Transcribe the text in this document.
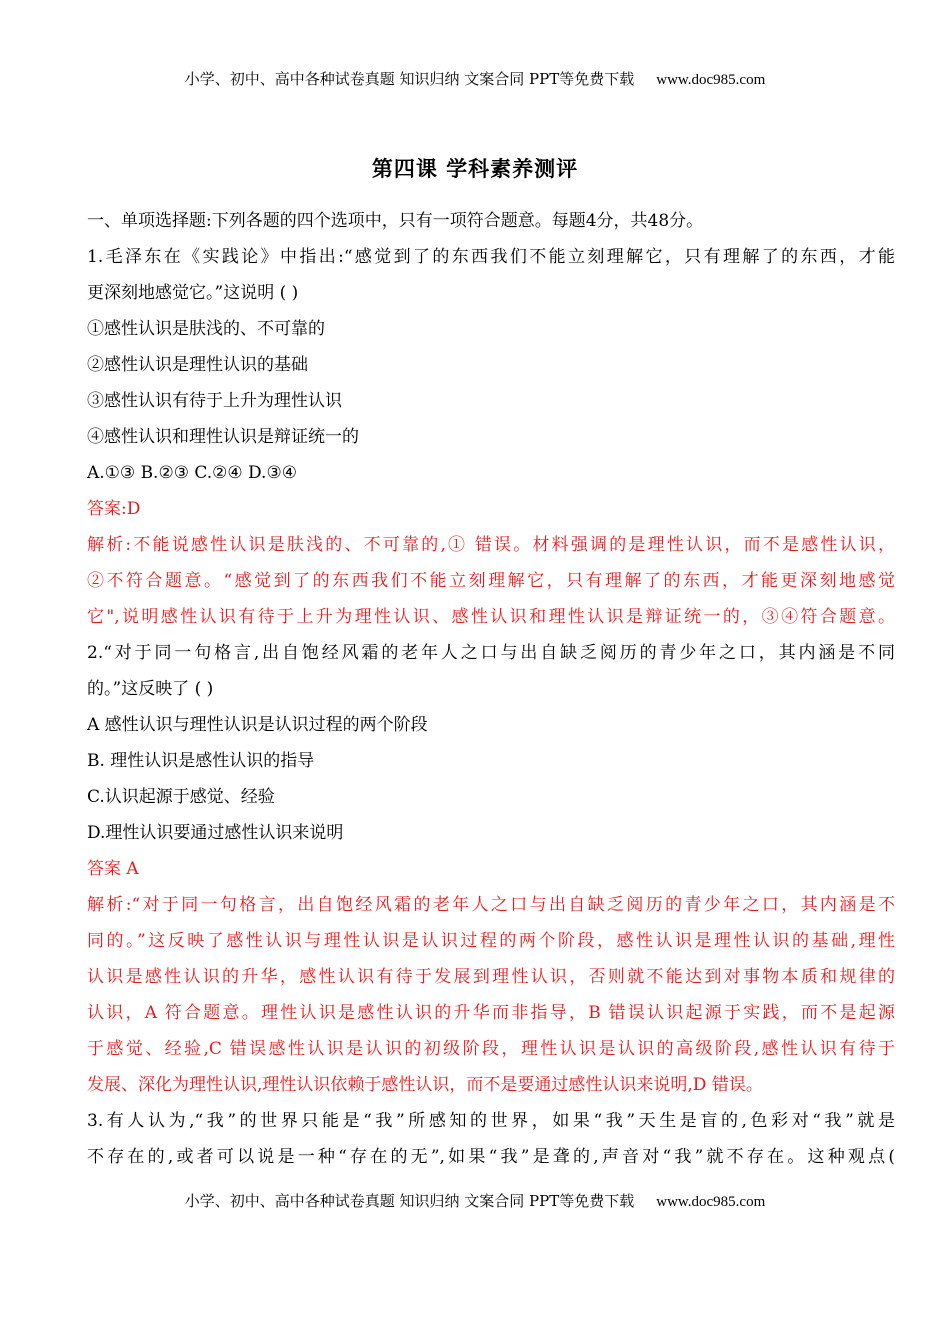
小学、初中、高中各种试卷真题 知识归纳 文案合同 PPT等免费下载 www.doc985.com
第四课 学科素养测评
一、单项选择题:下列各题的四个选项中，只有一项符合题意。每题4分，共48分。
1.毛泽东在《实践论》中指出:“感觉到了的东西我们不能立刻理解它，只有理解了的东西，才能
更深刻地感觉它。”这说明 ( )
①感性认识是肤浅的、不可靠的
②感性认识是理性认识的基础
③感性认识有待于上升为理性认识
④感性认识和理性认识是辩证统一的
A.①③ B.②③ C.②④ D.③④
答案:D
解析:不能说感性认识是肤浅的、不可靠的,① 错误。材料强调的是理性认识，而不是感性认识，
②不符合题意。“感觉到了的东西我们不能立刻理解它，只有理解了的东西，才能更深刻地感觉
它",说明感性认识有待于上升为理性认识、感性认识和理性认识是辩证统一的，③④符合题意。
2.“对于同一句格言,出自饱经风霜的老年人之口与出自缺乏阅历的青少年之口，其内涵是不同
的。”这反映了 ( )
A 感性认识与理性认识是认识过程的两个阶段
B. 理性认识是感性认识的指导
C.认识起源于感觉、经验
D.理性认识要通过感性认识来说明
答案 A
解析:“对于同一句格言，出自饱经风霜的老年人之口与出自缺乏阅历的青少年之口，其内涵是不
同的。”这反映了感性认识与理性认识是认识过程的两个阶段，感性认识是理性认识的基础,理性
认识是感性认识的升华，感性认识有待于发展到理性认识，否则就不能达到对事物本质和规律的
认识，A 符合题意。理性认识是感性认识的升华而非指导，B 错误认识起源于实践，而不是起源
于感觉、经验,C 错误感性认识是认识的初级阶段，理性认识是认识的高级阶段,感性认识有待于
发展、深化为理性认识,理性认识依赖于感性认识，而不是要通过感性认识来说明,D 错误。
3.有人认为,“我”的世界只能是“我”所感知的世界，如果“我”天生是盲的,色彩对“我”就是
不存在的,或者可以说是一种“存在的无”,如果“我”是聋的,声音对“我”就不存在。这种观点(
小学、初中、高中各种试卷真题 知识归纳 文案合同 PPT等免费下载 www.doc985.com
